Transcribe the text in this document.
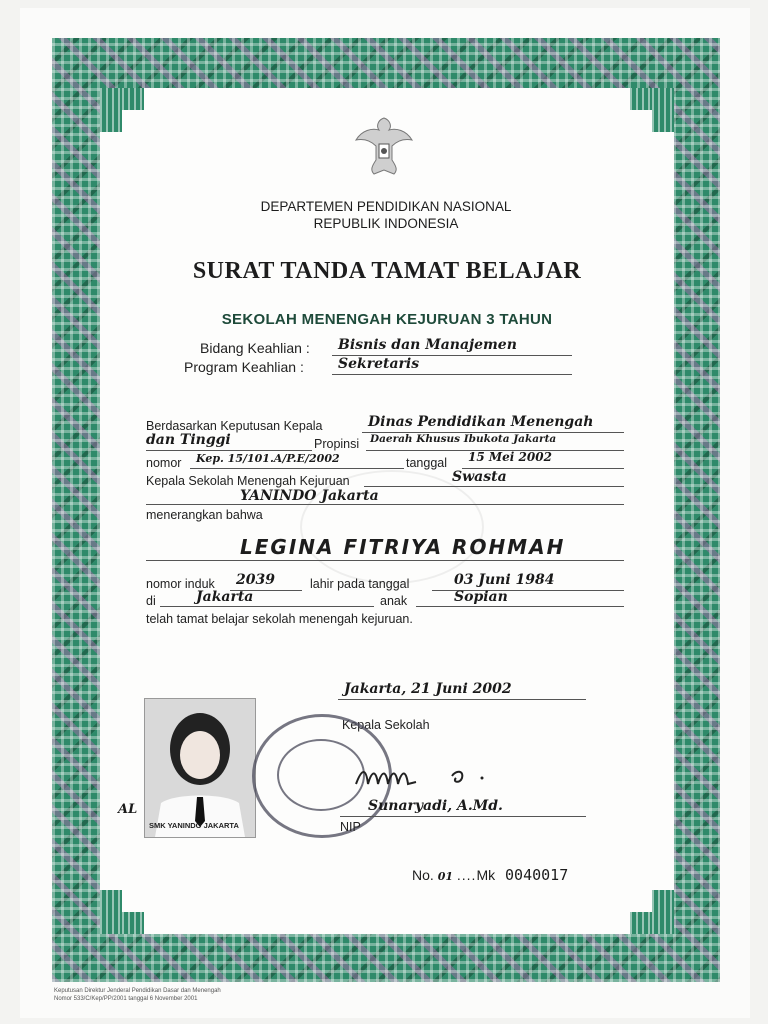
DEPARTEMEN PENDIDIKAN NASIONAL
REPUBLIK INDONESIA
SURAT TANDA TAMAT BELAJAR
SEKOLAH MENENGAH KEJURUAN 3 TAHUN
Bidang Keahlian : Bisnis dan Manajemen
Program Keahlian : Sekretaris
Berdasarkan Keputusan Kepala	Dinas Pendidikan Menengah
dan Tinggi	Propinsi Daerah Khusus Ibukota Jakarta
nomor Kep. 15/101.A/P.E/2002	tanggal 15 Mei 2002
Kepala Sekolah Menengah Kejuruan	Swasta
YANINDO Jakarta
menerangkan bahwa
LEGINA FITRIYA ROHMAH
nomor induk 2039	lahir pada tanggal	03 Juni 1984
di	Jakarta	anak	Sopian
telah tamat belajar sekolah menengah kejuruan.
Jakarta, 21 Juni 2002
Kepala Sekolah
SMK YANINDO JAKARTA
AL	Sunaryadi, A.Md.
NIP
No. 01 ....Mk 0040017
Keputusan Direktur Jenderal Pendidikan Dasar dan Menengah
Nomor 533/C/Kep/PP/2001 tanggal 6 November 2001
